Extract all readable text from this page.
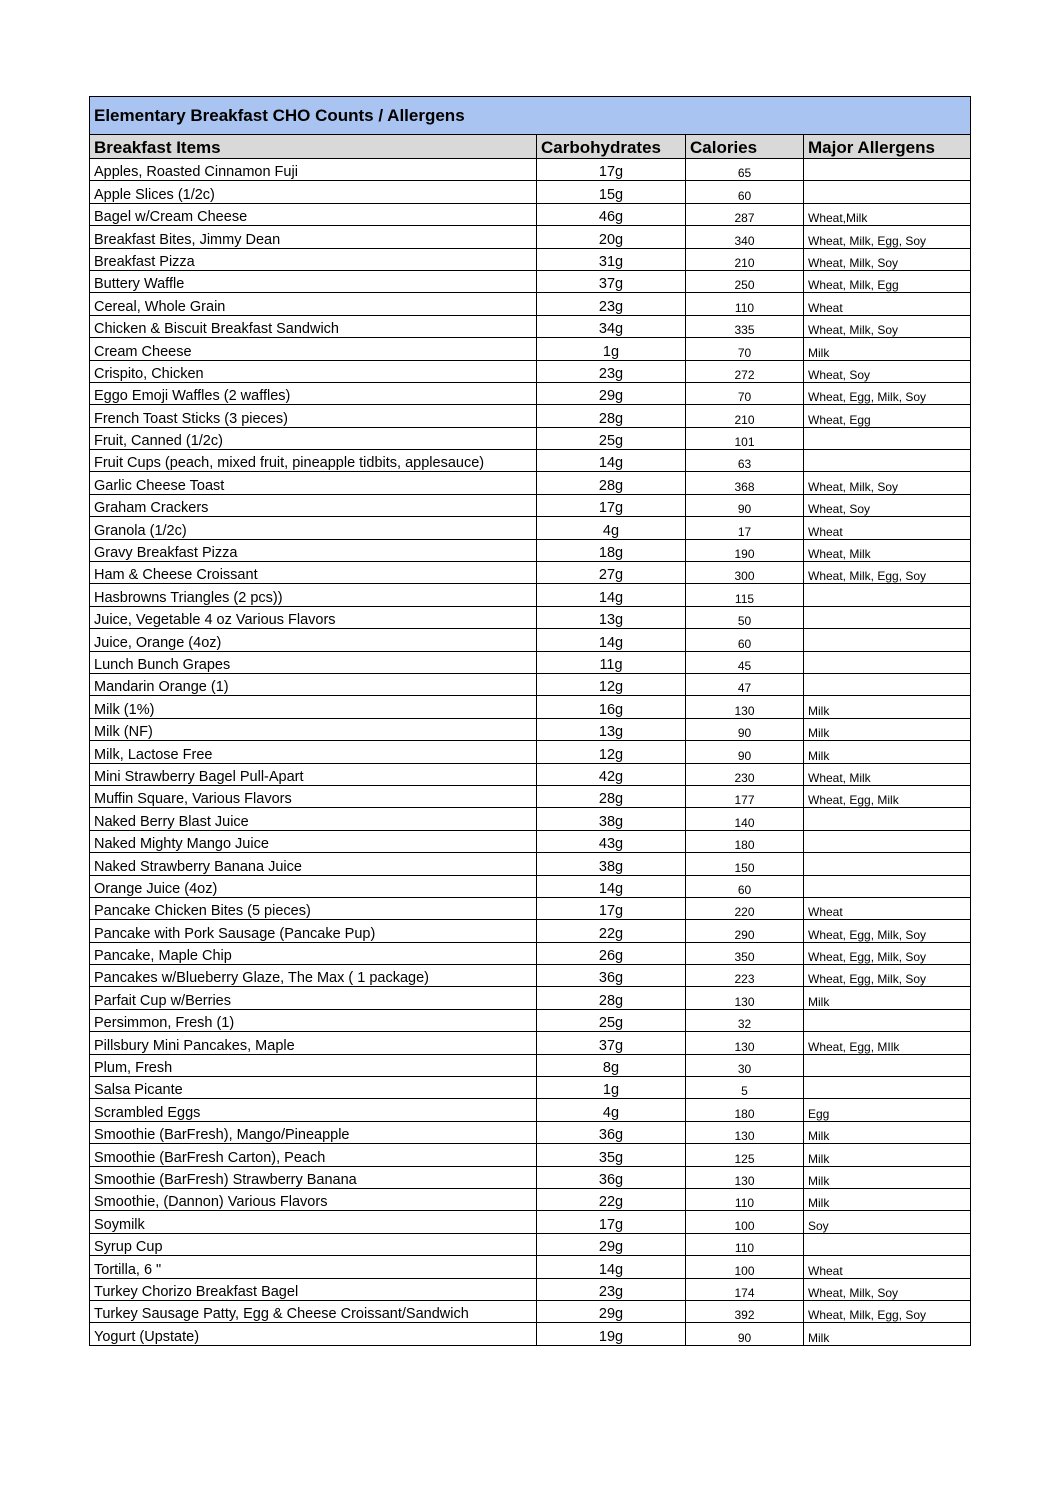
Elementary Breakfast CHO Counts / Allergens			
Breakfast Items	Carbohydrates	Calories	Major Allergens
Apples, Roasted Cinnamon Fuji	17g	65	
Apple Slices (1/2c)	15g	60	
Bagel w/Cream Cheese	46g	287	Wheat,Milk
Breakfast Bites, Jimmy Dean	20g	340	Wheat, Milk, Egg, Soy
Breakfast Pizza	31g	210	Wheat, Milk, Soy
Buttery Waffle	37g	250	Wheat, Milk, Egg
Cereal, Whole Grain	23g	110	Wheat
Chicken & Biscuit Breakfast Sandwich	34g	335	Wheat, Milk, Soy
Cream Cheese	1g	70	Milk
Crispito, Chicken	23g	272	Wheat, Soy
Eggo Emoji Waffles (2 waffles)	29g	70	Wheat, Egg, Milk, Soy
French Toast Sticks (3 pieces)	28g	210	Wheat, Egg
Fruit, Canned (1/2c)	25g	101	
Fruit Cups (peach, mixed fruit, pineapple tidbits, applesauce)	14g	63	
Garlic Cheese Toast	28g	368	Wheat, Milk, Soy
Graham Crackers	17g	90	Wheat, Soy
Granola (1/2c)	4g	17	Wheat
Gravy Breakfast Pizza	18g	190	Wheat, Milk
Ham & Cheese Croissant	27g	300	Wheat, Milk, Egg, Soy
Hasbrowns Triangles (2 pcs))	14g	115	
Juice, Vegetable 4 oz Various Flavors	13g	50	
Juice, Orange (4oz)	14g	60	
Lunch Bunch Grapes	11g	45	
Mandarin Orange (1)	12g	47	
Milk (1%)	16g	130	Milk
Milk (NF)	13g	90	Milk
Milk, Lactose Free	12g	90	Milk
Mini Strawberry Bagel Pull-Apart	42g	230	Wheat, Milk
Muffin Square, Various Flavors	28g	177	Wheat, Egg, Milk
Naked Berry Blast Juice	38g	140	
Naked Mighty Mango Juice	43g	180	
Naked Strawberry Banana Juice	38g	150	
Orange Juice (4oz)	14g	60	
Pancake Chicken Bites (5 pieces)	17g	220	Wheat
Pancake with Pork Sausage (Pancake Pup)	22g	290	Wheat, Egg, Milk, Soy
Pancake, Maple Chip	26g	350	Wheat, Egg, Milk, Soy
Pancakes w/Blueberry Glaze, The Max ( 1 package)	36g	223	Wheat, Egg, Milk, Soy
Parfait Cup w/Berries	28g	130	Milk
Persimmon, Fresh (1)	25g	32	
Pillsbury Mini Pancakes, Maple	37g	130	Wheat, Egg, MIlk
Plum, Fresh	8g	30	
Salsa Picante	1g	5	
Scrambled Eggs	4g	180	Egg
Smoothie (BarFresh), Mango/Pineapple	36g	130	Milk
Smoothie (BarFresh Carton), Peach	35g	125	Milk
Smoothie (BarFresh) Strawberry Banana	36g	130	Milk
Smoothie, (Dannon) Various Flavors	22g	110	Milk
Soymilk	17g	100	Soy
Syrup Cup	29g	110	
Tortilla, 6 "	14g	100	Wheat
Turkey Chorizo Breakfast Bagel	23g	174	Wheat, Milk, Soy
Turkey Sausage Patty, Egg & Cheese Croissant/Sandwich	29g	392	Wheat, Milk, Egg, Soy
Yogurt (Upstate)	19g	90	Milk
